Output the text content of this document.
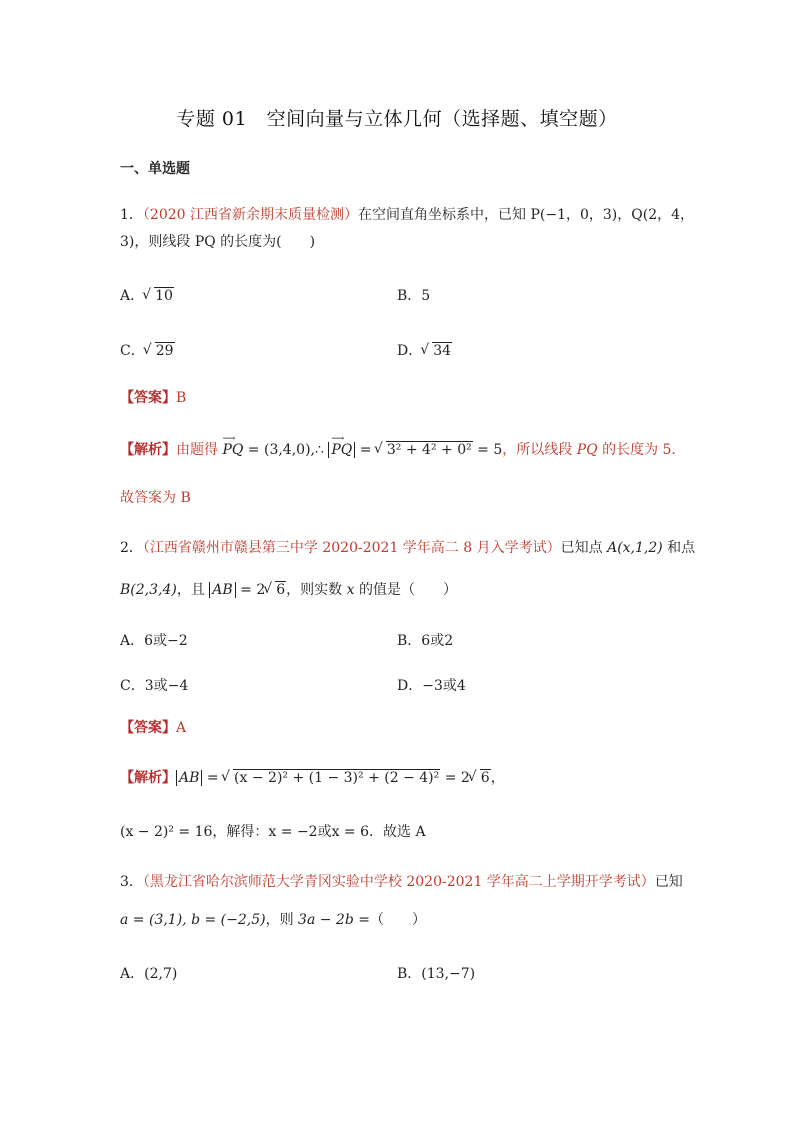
专题 01　空间向量与立体几何（选择题、填空题）
一、单选题
1．（2020 江西省新余期末质量检测）在空间直角坐标系中，已知 P(−1，0，3)，Q(2，4，
3)，则线段 PQ 的长度为(　　)
A． √ 10	B．5
C． √ 29	D． √ 34
【答案】B
【解析】由题得
⟶
PQ = (3,4,0),∴
⟶
PQ = √ 3² + 4² + 0² = 5，所以线段 PQ 的长度为 5．
故答案为 B
2．（江西省赣州市赣县第三中学 2020-2021 学年高二 8 月入学考试）已知点 A(x,1,2) 和点
B(2,3,4)，且 AB = 2 √ 6，则实数 x 的值是（　　）
A．6或−2	B．6或2
C．3或−4	D．−3或4
【答案】A
【解析】 AB = √ (x − 2)² + (1 − 3)² + (2 − 4)² = 2 √ 6，
(x − 2)² = 16，解得：x = −2或x = 6．故选 A
3．（黑龙江省哈尔滨师范大学青冈实验中学校 2020-2021 学年高二上学期开学考试）已知
a = (3,1), b = (−2,5)，则 3a − 2b =（　　）
A．(2,7)	B．(13,−7)
